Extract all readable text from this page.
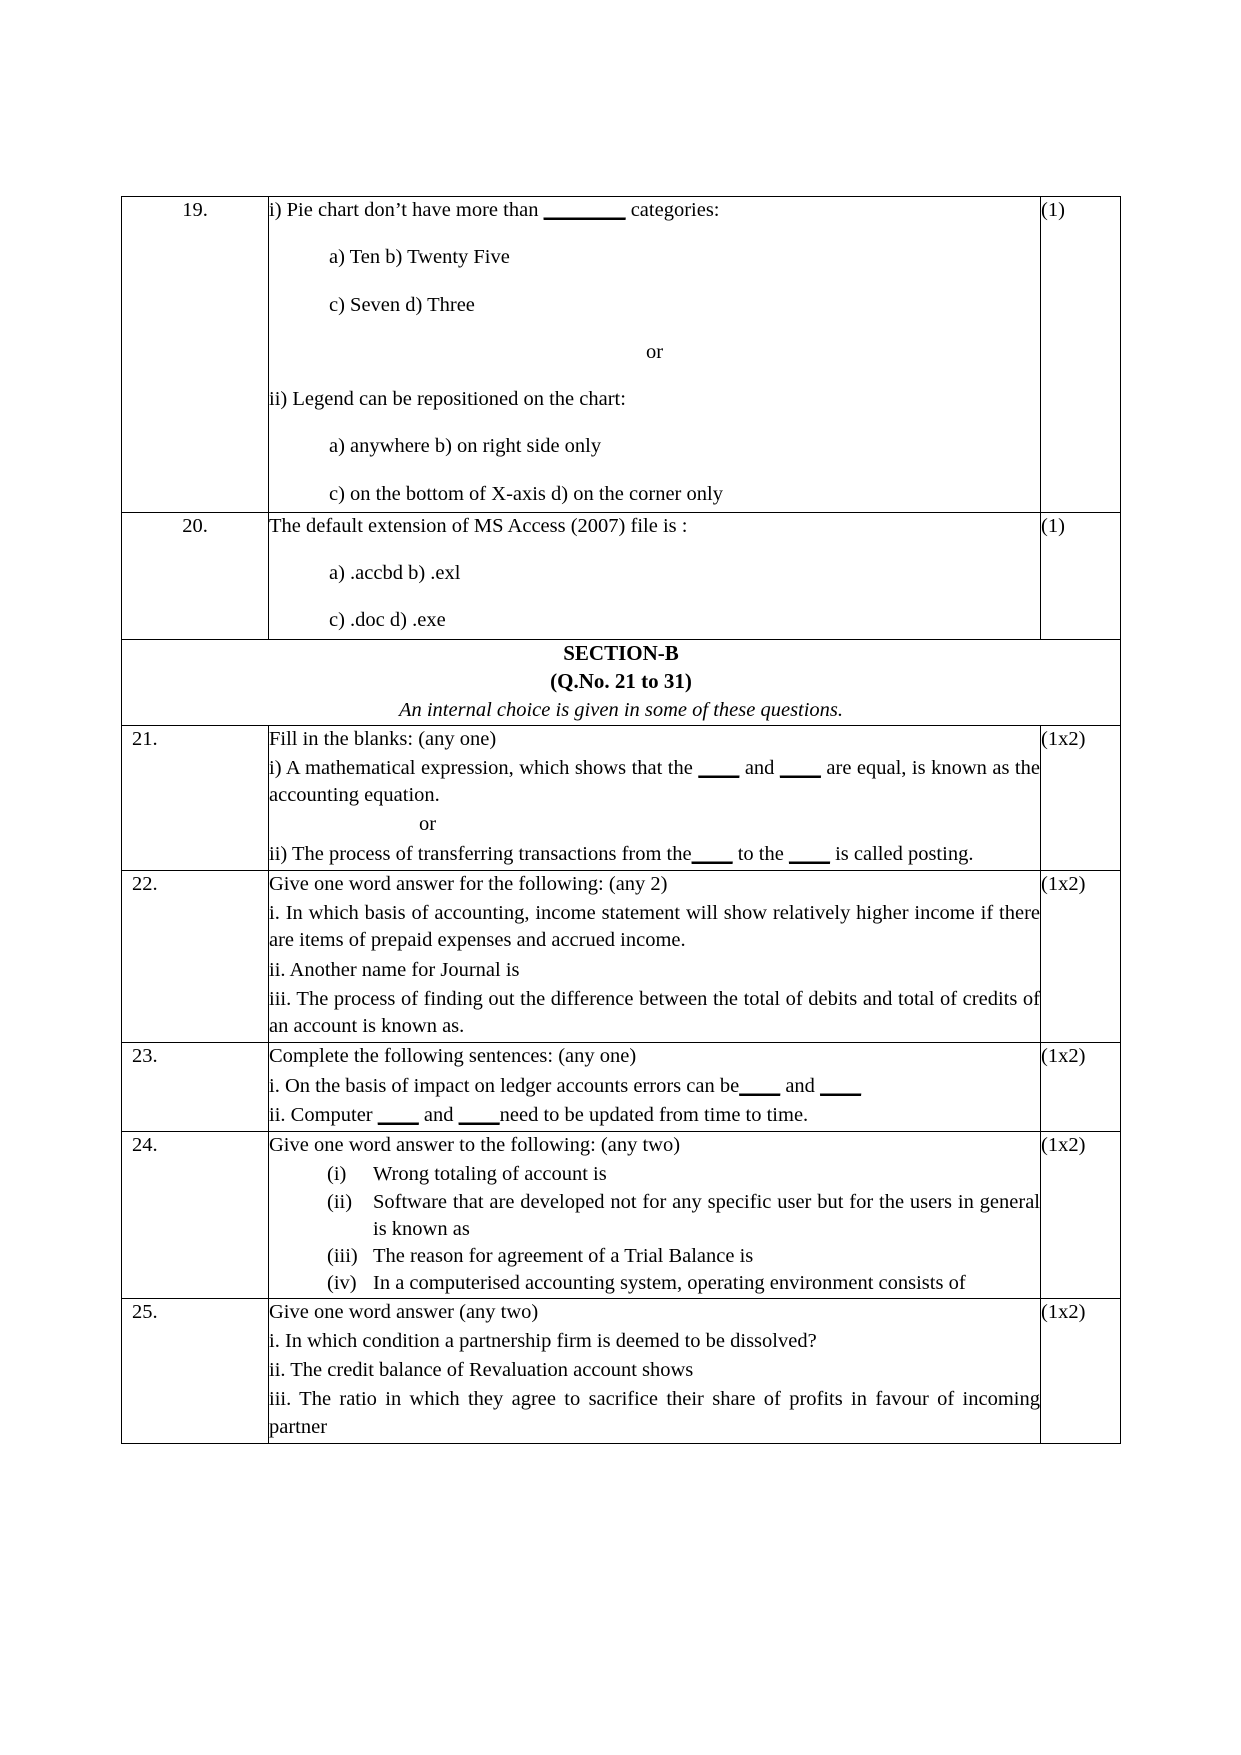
19.	i) Pie chart don’t have more than ________ categories:

a) Ten b) Twenty Five

c) Seven d) Three

or

ii) Legend can be repositioned on the chart:

a) anywhere b) on right side only

c) on the bottom of X-axis d) on the corner only

	(1)
20.	The default extension of MS Access (2007) file is :

a) .accbd b) .exl

c) .doc d) .exe	(1)

SECTION-B

(Q.No. 21 to 31)

An internal choice is given in some of these questions.		

21.	Fill in the blanks: (any one)

i) A mathematical expression, which shows that the ____ and ____ are equal, is known as the accounting equation.

or

ii) The process of transferring transactions from the____ to the ____ is called posting.	(1x2)
22.	Give one word answer for the following: (any 2)

i. In which basis of accounting, income statement will show relatively higher income if there are items of prepaid expenses and accrued income.

ii. Another name for Journal is

iii. The process of finding out the difference between the total of debits and total of credits of an account is known as.	(1x2)
23.	Complete the following sentences: (any one)

i. On the basis of impact on ledger accounts errors can be____ and ____

ii. Computer ____ and ____need to be updated from time to time.	(1x2)
24.	Give one word answer to the following: (any two)

(i)	Wrong totaling of account is
(ii)	Software that are developed not for any specific user but for the users in general is known as
(iii) The reason for agreement of a Trial Balance is
(iv) In a computerised accounting system, operating environment consists of
	(1x2)
25.	Give one word answer (any two)

i. In which condition a partnership firm is deemed to be dissolved?

ii. The credit balance of Revaluation account shows

iii. The ratio in which they agree to sacrifice their share of profits in favour of incoming partner	(1x2)
